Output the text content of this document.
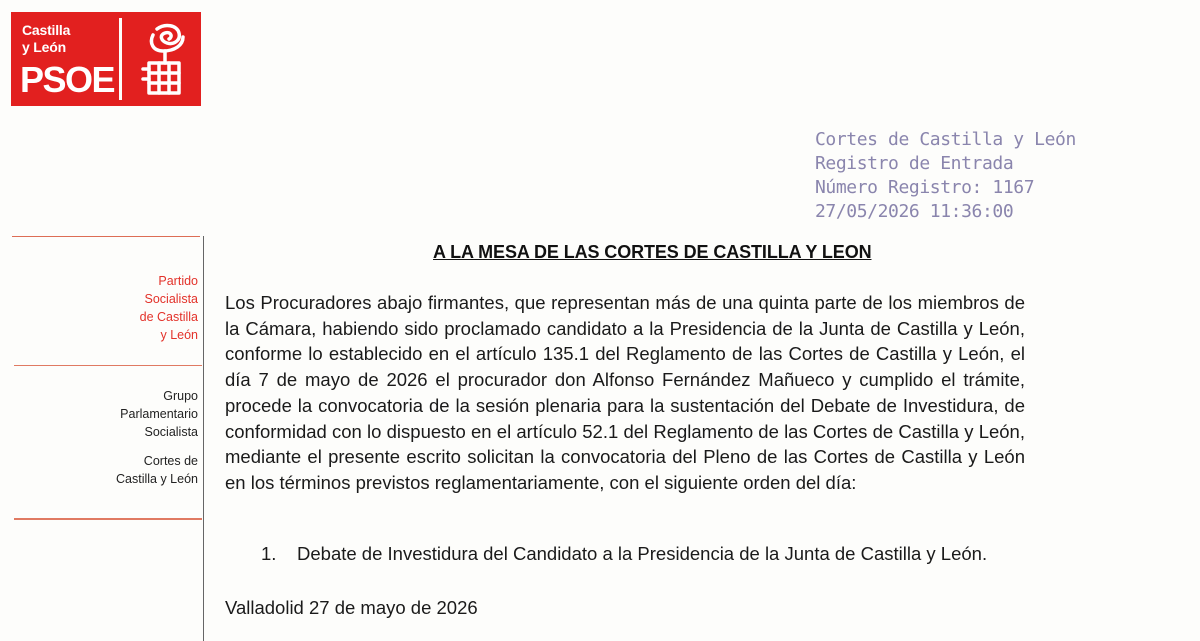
Castilla
y León
PSOE
Cortes de Castilla y León
Registro de Entrada
Número Registro: 1167
27/05/2026 11:36:00
Partido
Socialista
de Castilla
y León
Grupo
Parlamentario
Socialista
Cortes de
Castilla y León
A LA MESA DE LAS CORTES DE CASTILLA Y LEON
Los Procuradores abajo firmantes, que representan más de una quinta parte de los miembros de la Cámara, habiendo sido proclamado candidato a la Presidencia de la Junta de Castilla y León, conforme lo establecido en el artículo 135.1 del Reglamento de las Cortes de Castilla y León, el día 7 de mayo de 2026 el procurador don Alfonso Fernández Mañueco y cumplido el trámite, procede la convocatoria de la sesión plenaria para la sustentación del Debate de Investidura, de conformidad con lo dispuesto en el artículo 52.1 del Reglamento de las Cortes de Castilla y León, mediante el presente escrito solicitan la convocatoria del Pleno de las Cortes de Castilla y León en los términos previstos reglamentariamente, con el siguiente orden del día:
1. Debate de Investidura del Candidato a la Presidencia de la Junta de Castilla y León.
Valladolid 27 de mayo de 2026
